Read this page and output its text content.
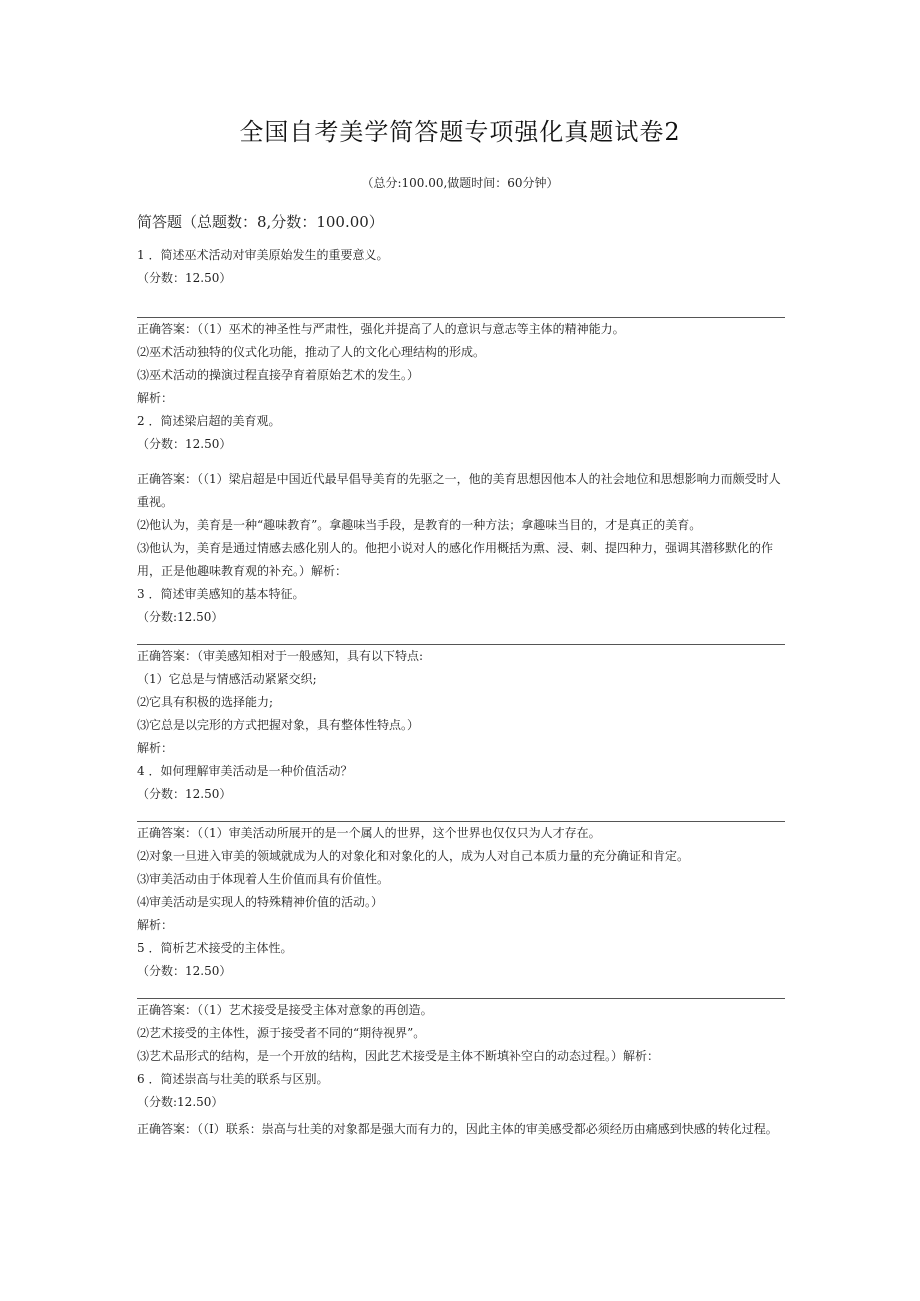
全国自考美学简答题专项强化真题试卷2
（总分:100.00,做题时间：60分钟）
简答题（总题数：8,分数：100.00）
1 ．简述巫术活动对审美原始发生的重要意义。
（分数：12.50）
正确答案：（（1）巫术的神圣性与严肃性，强化并提高了人的意识与意志等主体的精神能力。
⑵巫术活动独特的仪式化功能，推动了人的文化心理结构的形成。
⑶巫术活动的操演过程直接孕育着原始艺术的发生。）
解析：
2 ．简述梁启超的美育观。
（分数：12.50）
正确答案：（（1）梁启超是中国近代最早倡导美育的先驱之一，他的美育思想因他本人的社会地位和思想影响力而颇受时人重视。
⑵他认为，美育是一种“趣味教育”。拿趣味当手段，是教育的一种方法；拿趣味当目的，才是真正的美育。
⑶他认为，美育是通过情感去感化别人的。他把小说对人的感化作用概括为熏、浸、刺、提四种力，强调其潜移默化的作用，正是他趣味教育观的补充。）解析：
3 ．简述审美感知的基本特征。
（分数:12.50）
正确答案：（审美感知相对于一般感知，具有以下特点:
（1）它总是与情感活动紧紧交织;
⑵它具有积极的选择能力;
⑶它总是以完形的方式把握对象，具有整体性特点。）
解析：
4 ．如何理解审美活动是一种价值活动？
（分数：12.50）
正确答案：（（1）审美活动所展开的是一个属人的世界，这个世界也仅仅只为人才存在。
⑵对象一旦进入审美的领域就成为人的对象化和对象化的人，成为人对自己本质力量的充分确证和肯定。
⑶审美活动由于体现着人生价值而具有价值性。
⑷审美活动是实现人的特殊精神价值的活动。）
解析：
5 ．简析艺术接受的主体性。
（分数：12.50）
正确答案：（（1）艺术接受是接受主体对意象的再创造。
⑵艺术接受的主体性，源于接受者不同的“期待视界”。
⑶艺术品形式的结构，是一个开放的结构，因此艺术接受是主体不断填补空白的动态过程。）解析：
6 ．简述崇高与壮美的联系与区别。
（分数:12.50）
正确答案：（（I）联系：崇高与壮美的对象都是强大而有力的，因此主体的审美感受都必须经历由痛感到快感的转化过程。
